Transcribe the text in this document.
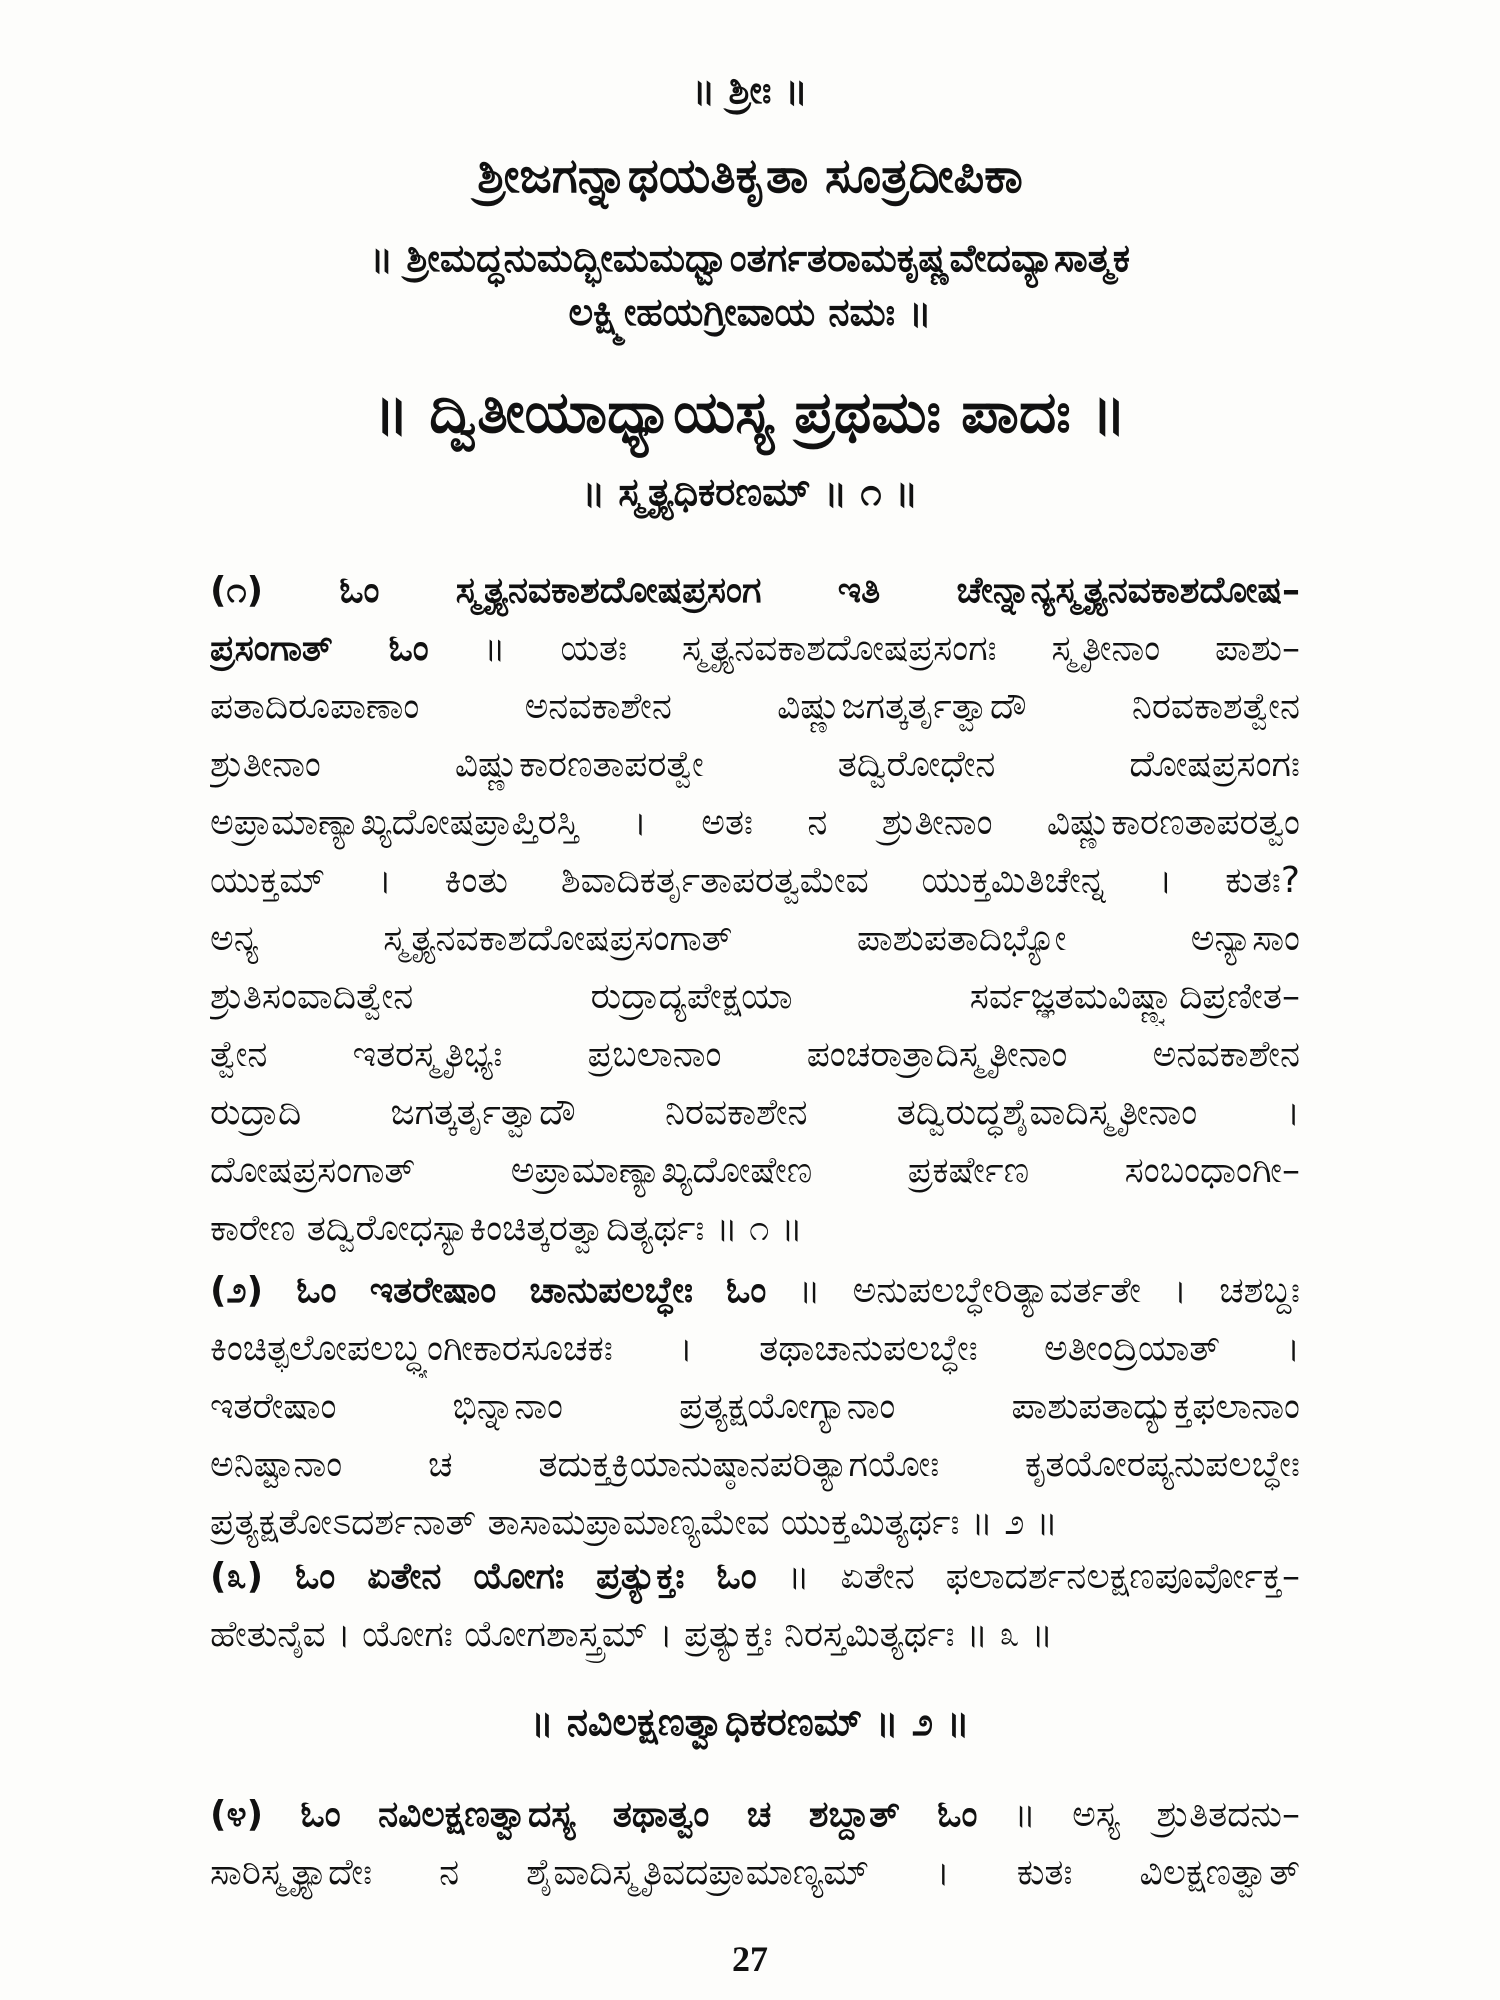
॥ ಶ್ರೀಃ ॥
ಶ್ರೀಜಗನ್ನಾಥಯತಿಕೃತಾ ಸೂತ್ರದೀಪಿಕಾ
॥ ಶ್ರೀಮದ್ಧನುಮದ್ಭೀಮಮಧ್ವಾಂತರ್ಗತರಾಮಕೃಷ್ಣವೇದವ್ಯಾಸಾತ್ಮಕ
ಲಕ್ಷ್ಮೀಹಯಗ್ರೀವಾಯ ನಮಃ ॥
॥ ದ್ವಿತೀಯಾಧ್ಯಾಯಸ್ಯ ಪ್ರಥಮಃ ಪಾದಃ ॥
॥ ಸ್ಮೃತ್ಯಧಿಕರಣಮ್ ॥ ೧ ॥
(೧) ಓಂ ಸ್ಮೃತ್ಯನವಕಾಶದೋಷಪ್ರಸಂಗ ಇತಿ ಚೇನ್ನಾನ್ಯಸ್ಮೃತ್ಯನವಕಾಶದೋಷ–
ಪ್ರಸಂಗಾತ್ ಓಂ ॥ ಯತಃ ಸ್ಮೃತ್ಯನವಕಾಶದೋಷಪ್ರಸಂಗಃ ಸ್ಮೃತೀನಾಂ ಪಾಶು–
ಪತಾದಿರೂಪಾಣಾಂ ಅನವಕಾಶೇನ ವಿಷ್ಣುಜಗತ್ಕರ್ತೃತ್ವಾದೌ ನಿರವಕಾಶತ್ವೇನ
ಶ್ರುತೀನಾಂ ವಿಷ್ಣುಕಾರಣತಾಪರತ್ವೇ ತದ್ವಿರೋಧೇನ ದೋಷಪ್ರಸಂಗಃ
ಅಪ್ರಾಮಾಣ್ಯಾಖ್ಯದೋಷಪ್ರಾಪ್ತಿರಸ್ತಿ । ಅತಃ ನ ಶ್ರುತೀನಾಂ ವಿಷ್ಣುಕಾರಣತಾಪರತ್ವಂ
ಯುಕ್ತಮ್ । ಕಿಂತು ಶಿವಾದಿಕರ್ತೃತಾಪರತ್ವಮೇವ ಯುಕ್ತಮಿತಿಚೇನ್ನ । ಕುತಃ?
ಅನ್ಯ ಸ್ಮೃತ್ಯನವಕಾಶದೋಷಪ್ರಸಂಗಾತ್ ಪಾಶುಪತಾದಿಭ್ಯೋ ಅನ್ಯಾಸಾಂ
ಶ್ರುತಿಸಂವಾದಿತ್ವೇನ ರುದ್ರಾದ್ಯಪೇಕ್ಷಯಾ ಸರ್ವಜ್ಞತಮವಿಷ್ಣ್ವಾದಿಪ್ರಣೀತ–
ತ್ವೇನ ಇತರಸ್ಮೃತಿಭ್ಯಃ ಪ್ರಬಲಾನಾಂ ಪಂಚರಾತ್ರಾದಿಸ್ಮೃತೀನಾಂ ಅನವಕಾಶೇನ
ರುದ್ರಾದಿ ಜಗತ್ಕರ್ತೃತ್ವಾದೌ ನಿರವಕಾಶೇನ ತದ್ವಿರುದ್ಧಶೈವಾದಿಸ್ಮೃತೀನಾಂ ।
ದೋಷಪ್ರಸಂಗಾತ್ ಅಪ್ರಾಮಾಣ್ಯಾಖ್ಯದೋಷೇಣ ಪ್ರಕರ್ಷೇಣ ಸಂಬಂಧಾಂಗೀ–
ಕಾರೇಣ ತದ್ವಿರೋಧಸ್ಯಾಕಿಂಚಿತ್ಕರತ್ವಾದಿತ್ಯರ್ಥಃ ॥ ೧ ॥
(೨) ಓಂ ಇತರೇಷಾಂ ಚಾನುಪಲಬ್ಧೇಃ ಓಂ ॥ ಅನುಪಲಬ್ಧೇರಿತ್ಯಾವರ್ತತೇ । ಚಶಬ್ದಃ
ಕಿಂಚಿತ್ಫಲೋಪಲಬ್ಧ್ಯಂಗೀಕಾರಸೂಚಕಃ । ತಥಾಚಾನುಪಲಬ್ಧೇಃ ಅತೀಂದ್ರಿಯಾತ್ ।
ಇತರೇಷಾಂ ಭಿನ್ನಾನಾಂ ಪ್ರತ್ಯಕ್ಷಯೋಗ್ಯಾನಾಂ ಪಾಶುಪತಾದ್ಯುಕ್ತಫಲಾನಾಂ
ಅನಿಷ್ಟಾನಾಂ ಚ ತದುಕ್ತಕ್ರಿಯಾನುಷ್ಠಾನಪರಿತ್ಯಾಗಯೋಃ ಕೃತಯೋರಪ್ಯನುಪಲಬ್ಧೇಃ
ಪ್ರತ್ಯಕ್ಷತೋಽದರ್ಶನಾತ್ ತಾಸಾಮಪ್ರಾಮಾಣ್ಯಮೇವ ಯುಕ್ತಮಿತ್ಯರ್ಥಃ ॥ ೨ ॥
(೩) ಓಂ ಏತೇನ ಯೋಗಃ ಪ್ರತ್ಯುಕ್ತಃ ಓಂ ॥ ಏತೇನ ಫಲಾದರ್ಶನಲಕ್ಷಣಪೂರ್ವೋಕ್ತ–
ಹೇತುನೈವ । ಯೋಗಃ ಯೋಗಶಾಸ್ತ್ರಮ್ । ಪ್ರತ್ಯುಕ್ತಃ ನಿರಸ್ತಮಿತ್ಯರ್ಥಃ ॥ ೩ ॥
॥ ನವಿಲಕ್ಷಣತ್ವಾಧಿಕರಣಮ್ ॥ ೨ ॥
(೪) ಓಂ ನವಿಲಕ್ಷಣತ್ವಾದಸ್ಯ ತಥಾತ್ವಂ ಚ ಶಬ್ದಾತ್ ಓಂ ॥ ಅಸ್ಯ ಶ್ರುತಿತದನು–
ಸಾರಿಸ್ಮೃತ್ಯಾದೇಃ ನ ಶೈವಾದಿಸ್ಮೃತಿವದಪ್ರಾಮಾಣ್ಯಮ್ । ಕುತಃ ವಿಲಕ್ಷಣತ್ವಾತ್
27
